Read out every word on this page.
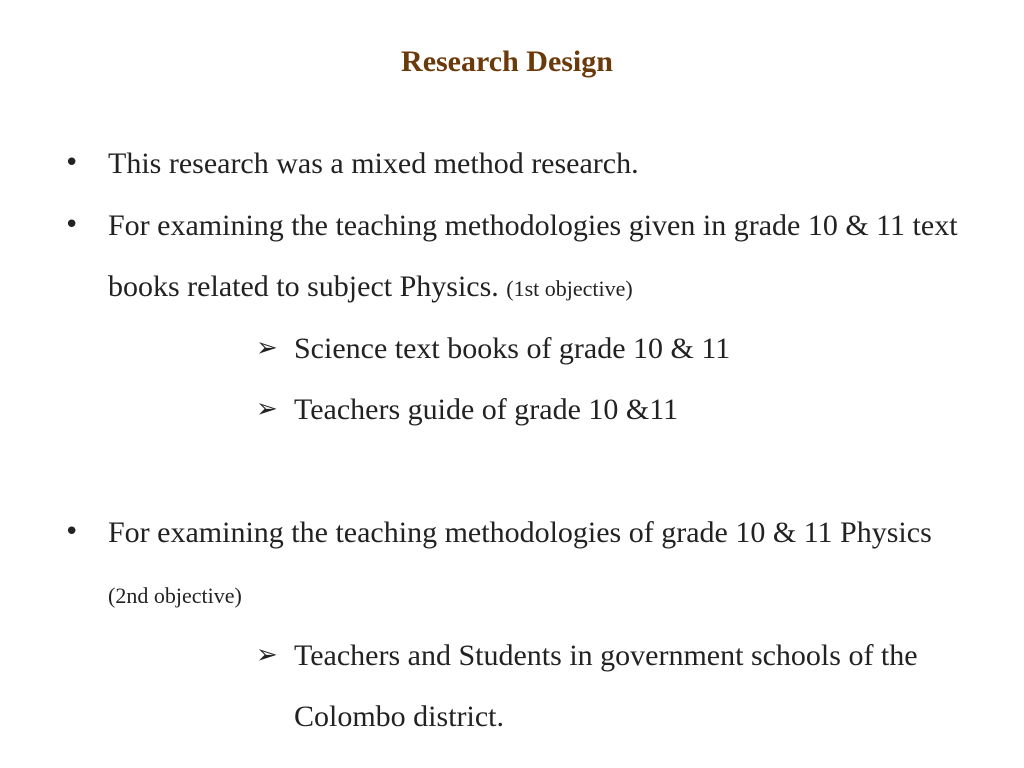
Research Design
• This research was a mixed method research.
• For examining the teaching methodologies given in grade 10 & 11 text books related to subject Physics. (1st objective)
➢ Science text books of grade 10 & 11
➢ Teachers guide of grade 10 &11
• For examining the teaching methodologies of grade 10 & 11 Physics (2nd objective)
➢ Teachers and Students in government schools of the Colombo district.
